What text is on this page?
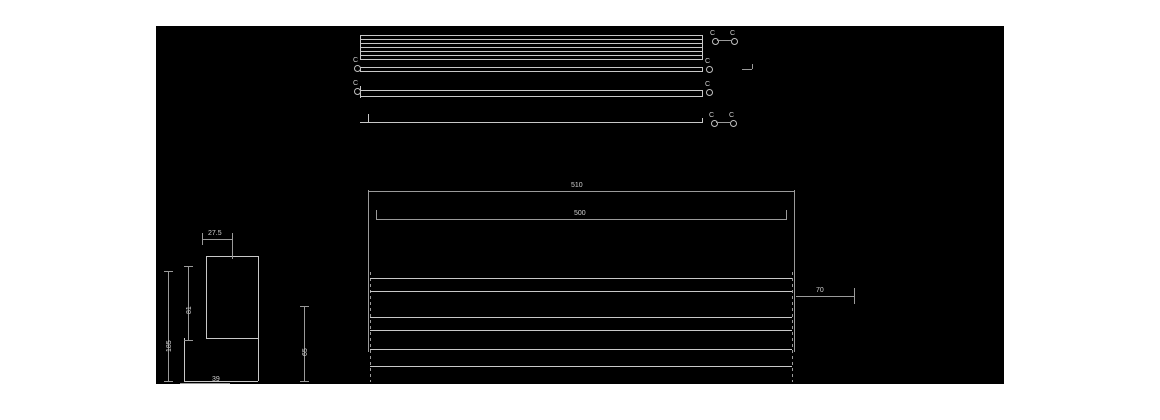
C C
C
C
C C
C
C
510
500
70
65
27.5
81
185
39
